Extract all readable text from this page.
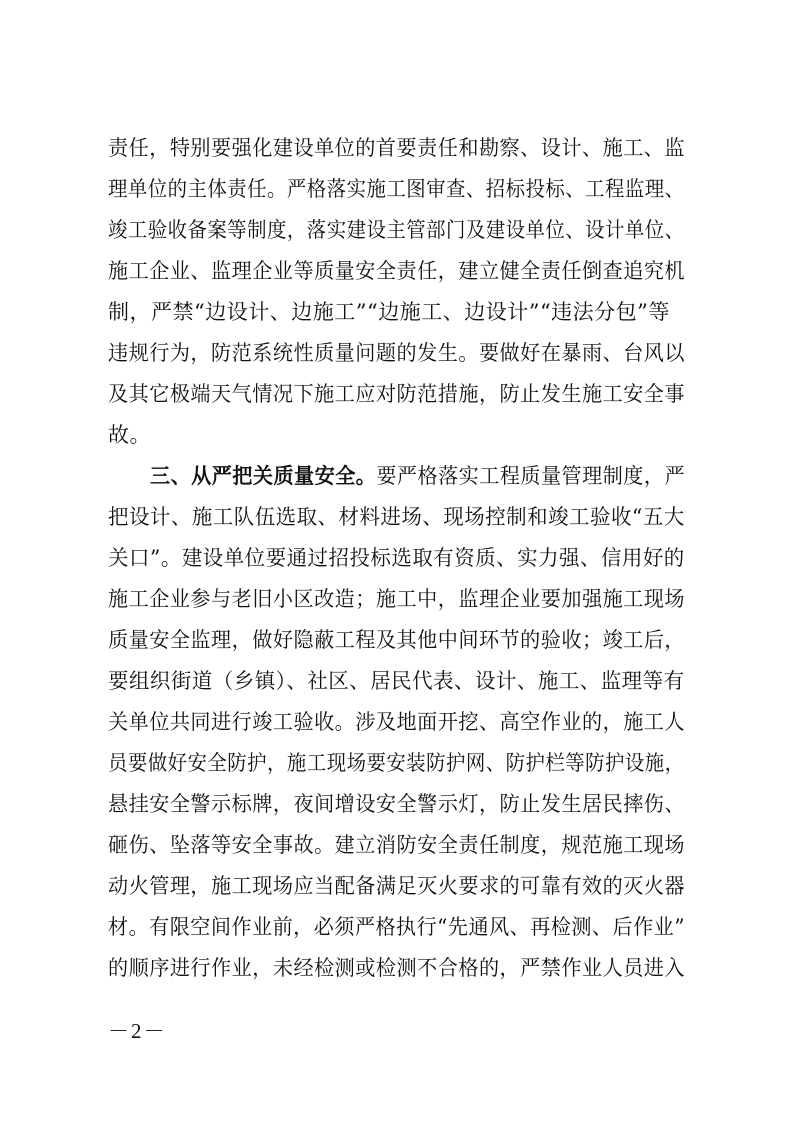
责任，特别要强化建设单位的首要责任和勘察、设计、施工、监
理单位的主体责任。严格落实施工图审查、招标投标、工程监理、
竣工验收备案等制度，落实建设主管部门及建设单位、设计单位、
施工企业、监理企业等质量安全责任，建立健全责任倒查追究机
制，严禁“边设计、边施工”“边施工、边设计”“违法分包”等
违规行为，防范系统性质量问题的发生。要做好在暴雨、台风以
及其它极端天气情况下施工应对防范措施，防止发生施工安全事
故。
三、从严把关质量安全。要严格落实工程质量管理制度，严
把设计、施工队伍选取、材料进场、现场控制和竣工验收“五大
关口”。建设单位要通过招投标选取有资质、实力强、信用好的
施工企业参与老旧小区改造；施工中，监理企业要加强施工现场
质量安全监理，做好隐蔽工程及其他中间环节的验收；竣工后，
要组织街道（乡镇）、社区、居民代表、设计、施工、监理等有
关单位共同进行竣工验收。涉及地面开挖、高空作业的，施工人
员要做好安全防护，施工现场要安装防护网、防护栏等防护设施，
悬挂安全警示标牌，夜间增设安全警示灯，防止发生居民摔伤、
砸伤、坠落等安全事故。建立消防安全责任制度，规范施工现场
动火管理，施工现场应当配备满足灭火要求的可靠有效的灭火器
材。有限空间作业前，必须严格执行“先通风、再检测、后作业”
的顺序进行作业，未经检测或检测不合格的，严禁作业人员进入
－2－
